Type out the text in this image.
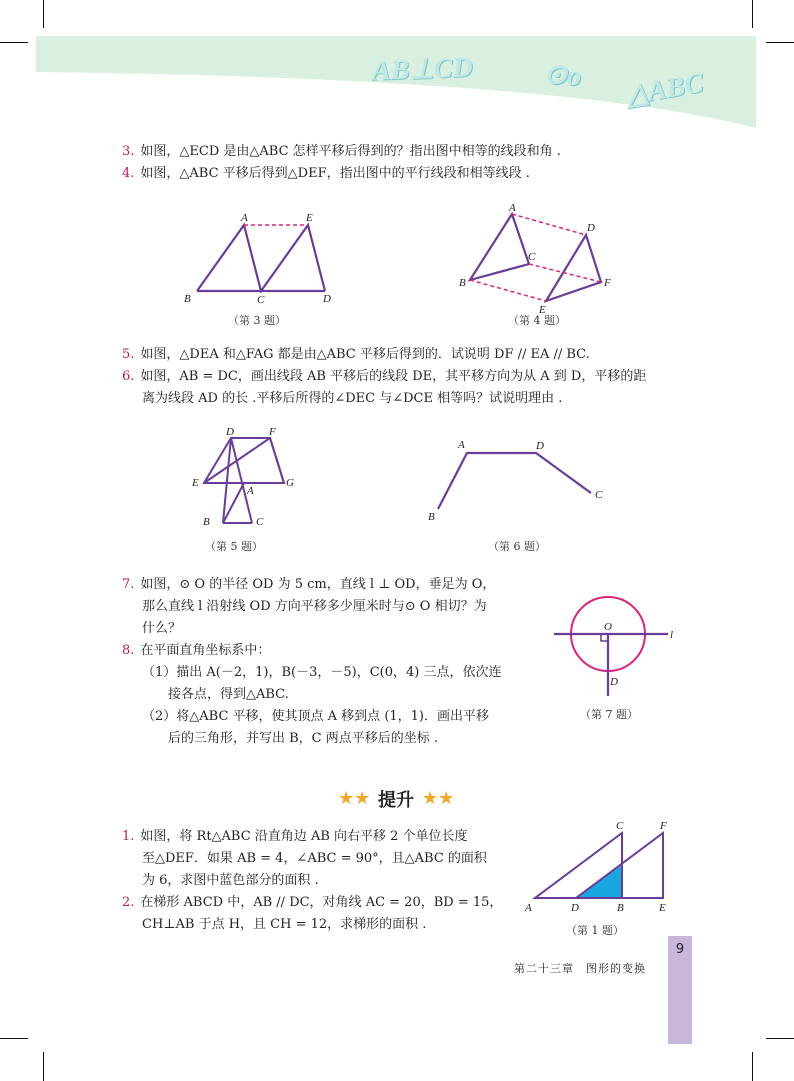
AB⊥CD ⊙o △ABC
3. 如图，△ECD 是由△ABC 怎样平移后得到的？指出图中相等的线段和角 .
4. 如图，△ABC 平移后得到△DEF，指出图中的平行线段和相等线段 .
A	E
B	C	D
（第 3 题）
A
D
C
B	F
E
（第 4 题）
5. 如图，△DEA 和△FAG 都是由△ABC 平移后得到的．试说明 DF // EA // BC.
6. 如图，AB = DC，画出线段 AB 平移后的线段 DE，其平移方向为从 A 到 D，平移的距
离为线段 AD 的长 .平移后所得的∠DEC 与∠DCE 相等吗？试说明理由 .
D	F
E
A
G
B	C
（第 5 题）
A	D
C
B
（第 6 题）
7. 如图，⊙ O 的半径 OD 为 5 cm，直线 l ⊥ OD，垂足为 O，
那么直线 l 沿射线 OD 方向平移多少厘米时与⊙ O 相切？为
什么？
8. 在平面直角坐标系中：
（1）描出 A(－2，1)，B(－3，－5)，C(0，4) 三点，依次连
接各点，得到△ABC.
（2）将△ABC 平移，使其顶点 A 移到点 (1，1)．画出平移
后的三角形，并写出 B，C 两点平移后的坐标 .
O
l
D
（第 7 题）
★★ 提升 ★★
1. 如图，将 Rt△ABC 沿直角边 AB 向右平移 2 个单位长度
至△DEF．如果 AB = 4，∠ABC = 90°，且△ABC 的面积
为 6，求图中蓝色部分的面积 .
2. 在梯形 ABCD 中，AB // DC，对角线 AC = 20，BD = 15，
CH⊥AB 于点 H，且 CH = 12，求梯形的面积 .
C	F
A	D	B	E
（第 1 题）
第二十三章　图形的变换
9
